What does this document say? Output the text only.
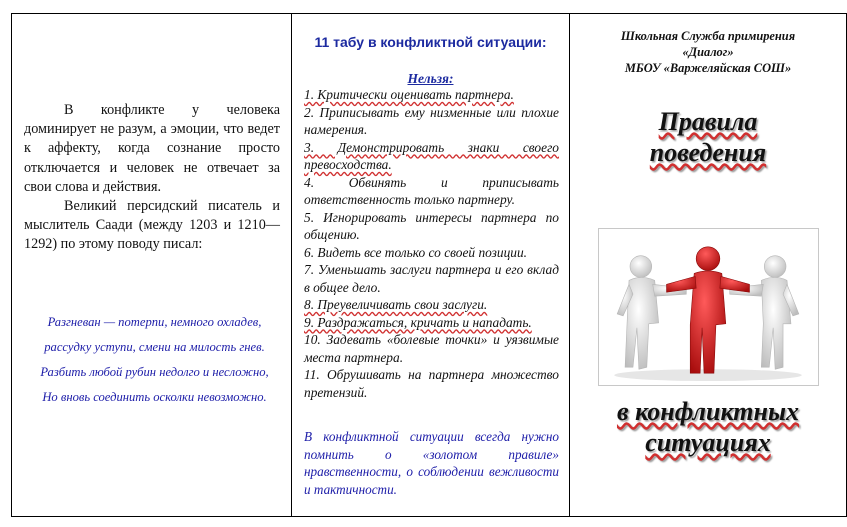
В конфликте у человека доминирует не разум, а эмоции, что ведет к аффекту, когда сознание просто отключается и человек не отвечает за свои слова и действия.

Великий персидский писатель и мыслитель Саади (между 1203 и 1210—1292) по этому поводу писал:

Разгневан — потерпи, немного охладев,
рассудку уступи, смени на милость гнев.
Разбить любой рубин недолго и несложно,
Но вновь соединить осколки невозможно.
11 табу в конфликтной ситуации:
Нельзя:
1. Критически оценивать партнера.
2. Приписывать ему низменные или плохие намерения.
3. Демонстрировать знаки своего превосходства.
4. Обвинять и приписывать ответственность только партнеру.
5. Игнорировать интересы партнера по общению.
6. Видеть все только со своей позиции.
7. Уменьшать заслуги партнера и его вклад в общее дело.
8. Преувеличивать свои заслуги.
9. Раздражаться, кричать и нападать.
10. Задевать «болевые точки» и уязвимые места партнера.
11. Обрушивать на партнера множество претензий.
В конфликтной ситуации всегда нужно помнить о «золотом правиле» нравственности, о соблюдении вежливости и тактичности.
Школьная Служба примирения
«Диалог»
МБОУ «Варжеляйская СОШ»
Правила
поведения
в конфликтных
ситуациях
